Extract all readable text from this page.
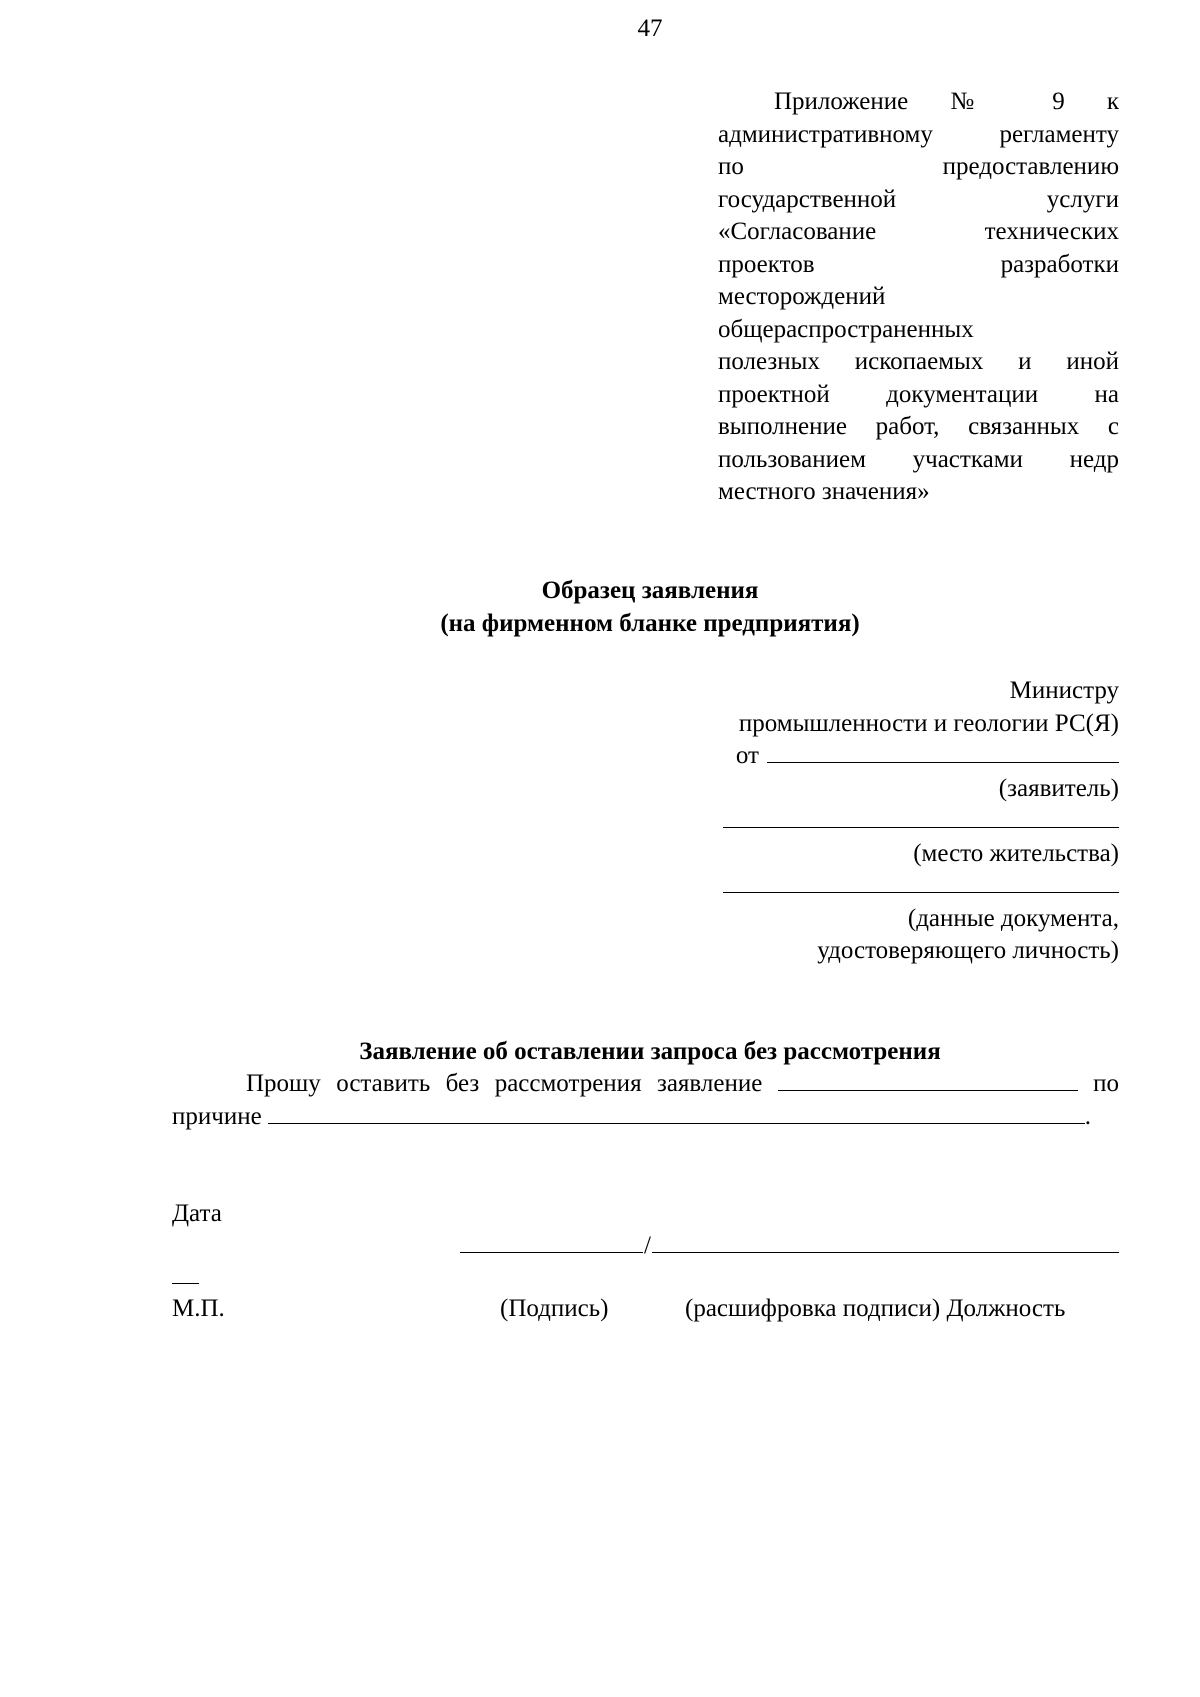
47
Приложение № 9 к
административному регламенту
по предоставлению
государственной услуги
«Согласование технических
проектов разработки
месторождений
общераспространенных
полезных ископаемых и иной
проектной документации на
выполнение работ, связанных с
пользованием участками недр
местного значения»
Образец заявления
(на фирменном бланке предприятия)
Министру
промышленности и геологии РС(Я)
от
(заявитель)
(место жительства)
(данные документа,
удостоверяющего личность)
Заявление об оставлении запроса без рассмотрения
Прошу оставить без рассмотрения заявление	по
причине	.
Дата
/
М.П.	(Подпись)	(расшифровка подписи) Должность
